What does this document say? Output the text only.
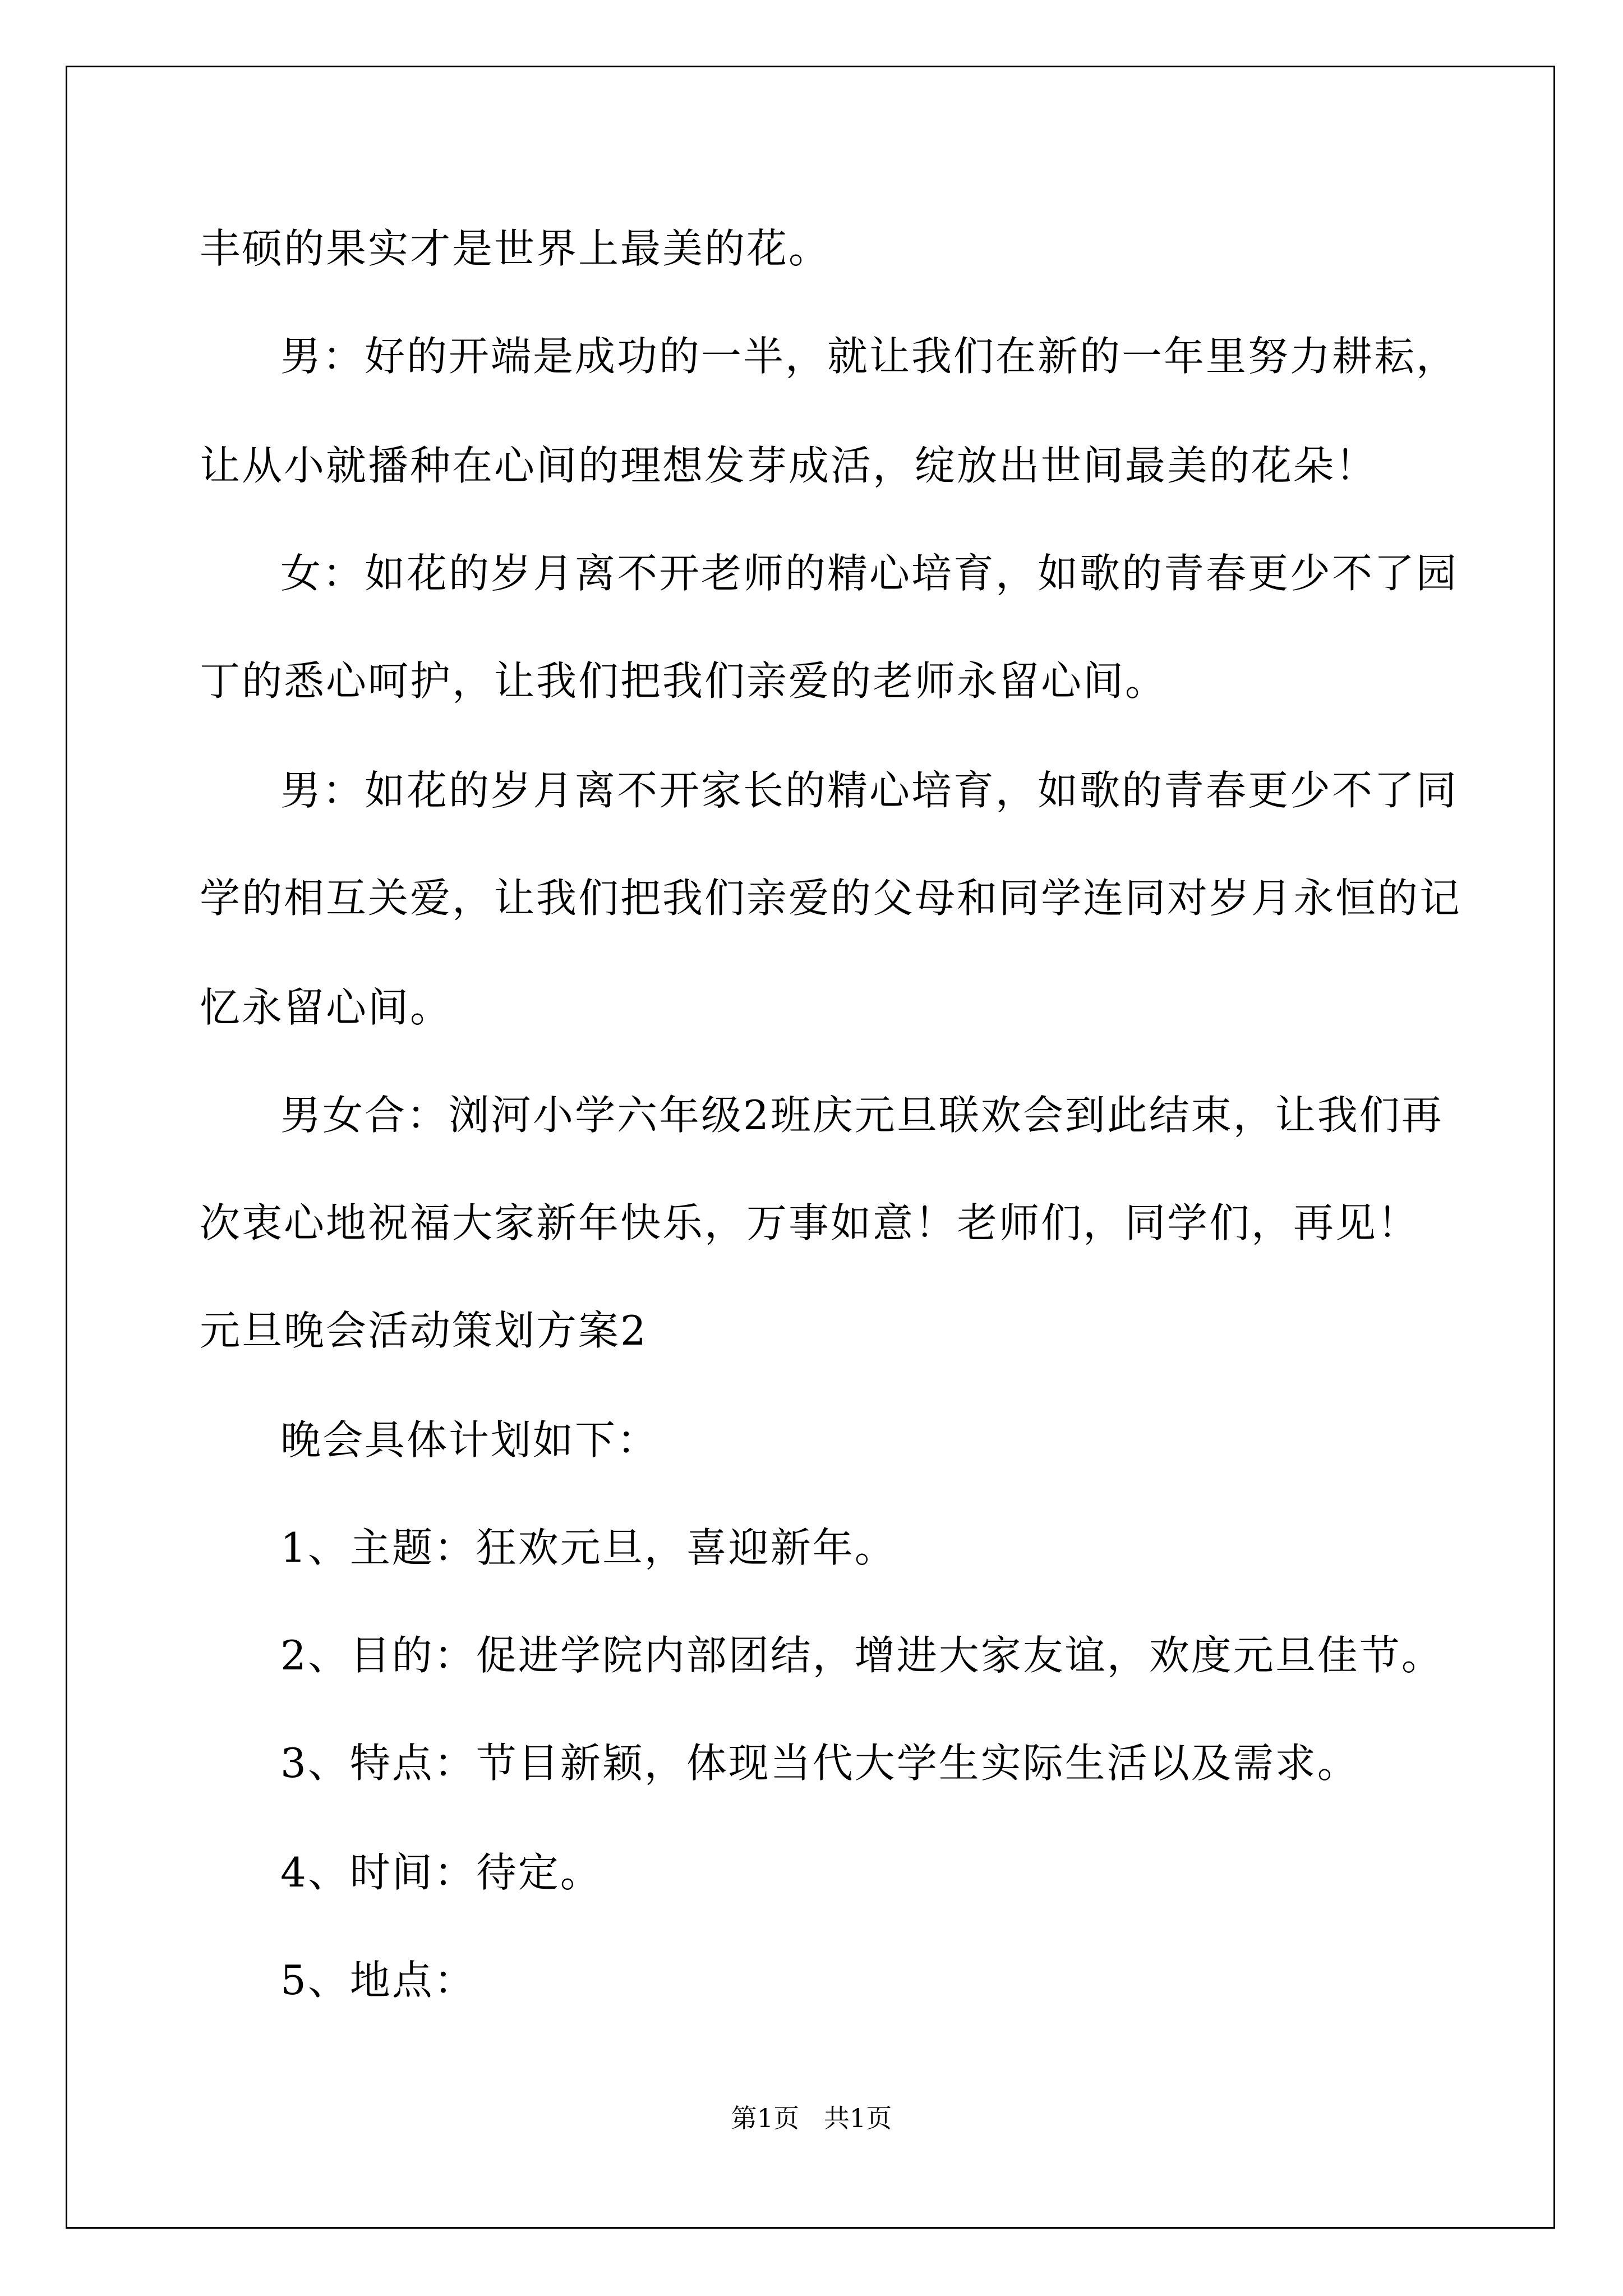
丰硕的果实才是世界上最美的花。
男：好的开端是成功的一半，就让我们在新的一年里努力耕耘，
让从小就播种在心间的理想发芽成活，绽放出世间最美的花朵！
女：如花的岁月离不开老师的精心培育，如歌的青春更少不了园
丁的悉心呵护，让我们把我们亲爱的老师永留心间。
男：如花的岁月离不开家长的精心培育，如歌的青春更少不了同
学的相互关爱，让我们把我们亲爱的父母和同学连同对岁月永恒的记
忆永留心间。
男女合：浏河小学六年级2班庆元旦联欢会到此结束，让我们再
次衷心地祝福大家新年快乐，万事如意！老师们，同学们，再见！
元旦晚会活动策划方案2
晚会具体计划如下：
1、主题：狂欢元旦，喜迎新年。
2、目的：促进学院内部团结，增进大家友谊，欢度元旦佳节。
3、特点：节目新颖，体现当代大学生实际生活以及需求。
4、时间：待定。
5、地点：
第1页   共1页
